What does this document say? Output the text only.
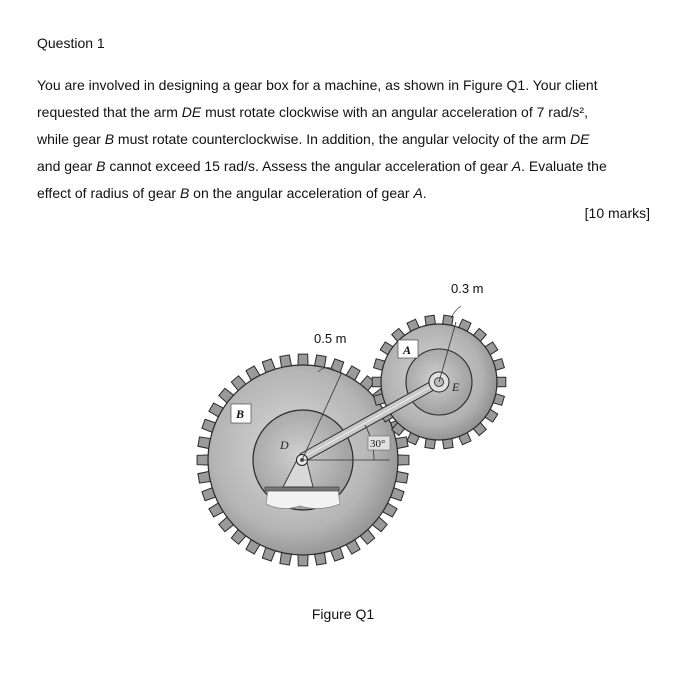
Question 1
You are involved in designing a gear box for a machine, as shown in Figure Q1. Your client
requested that the arm DE must rotate clockwise with an angular acceleration of 7 rad/s²,
while gear B must rotate counterclockwise. In addition, the angular velocity of the arm DE
and gear B cannot exceed 15 rad/s. Assess the angular acceleration of gear A. Evaluate the
effect of radius of gear B on the angular acceleration of gear A.
[10 marks]
B
A
D
E
30°
0.5 m
0.3 m
Figure Q1
